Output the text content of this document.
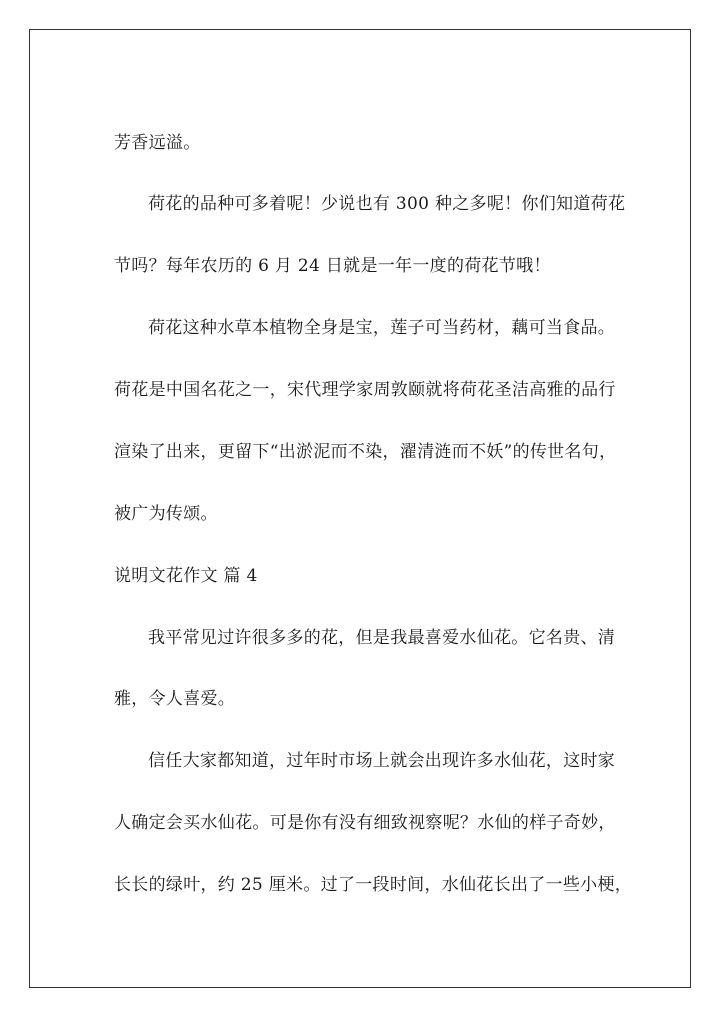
芳香远溢。
荷花的品种可多着呢！少说也有 300 种之多呢！你们知道荷花
节吗？每年农历的 6 月 24 日就是一年一度的荷花节哦！
荷花这种水草本植物全身是宝，莲子可当药材，藕可当食品。
荷花是中国名花之一，宋代理学家周敦颐就将荷花圣洁高雅的品行
渲染了出来，更留下“出淤泥而不染，濯清涟而不妖”的传世名句，
被广为传颂。
说明文花作文 篇 4
我平常见过许很多多的花，但是我最喜爱水仙花。它名贵、清
雅，令人喜爱。
信任大家都知道，过年时市场上就会出现许多水仙花，这时家
人确定会买水仙花。可是你有没有细致视察呢？水仙的样子奇妙，
长长的绿叶，约 25 厘米。过了一段时间，水仙花长出了一些小梗，
